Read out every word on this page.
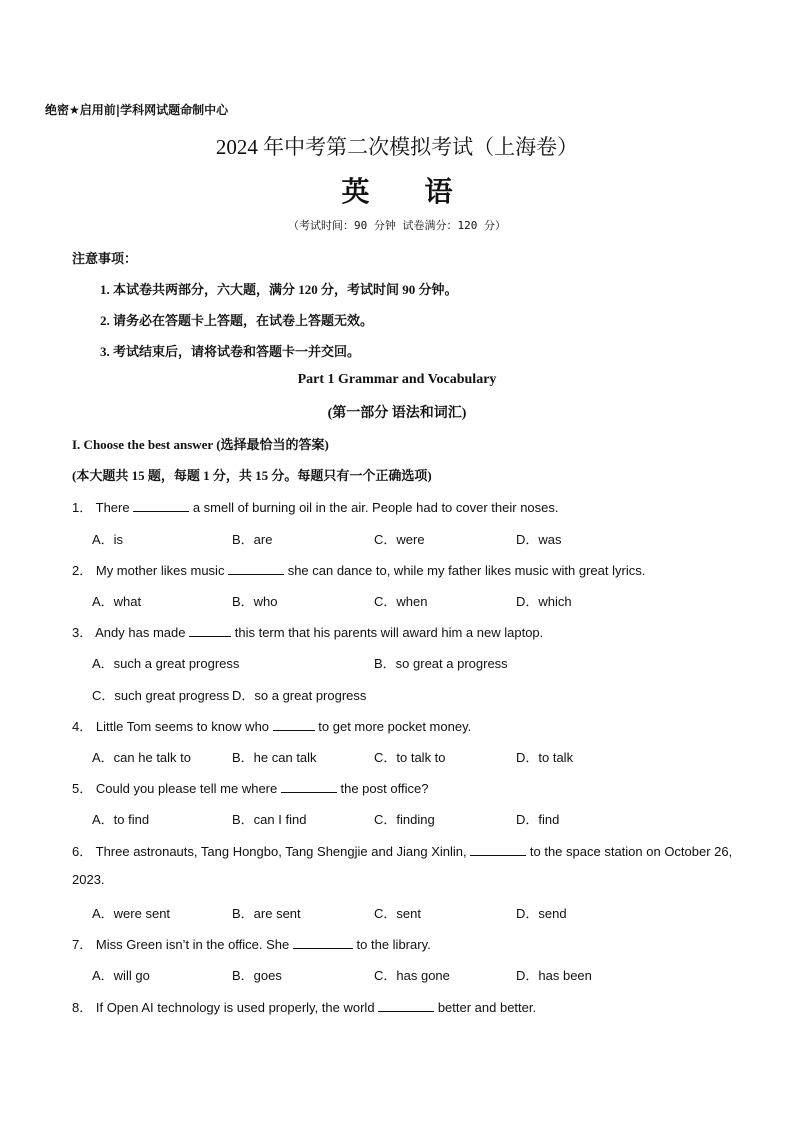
绝密★启用前|学科网试题命制中心
2024 年中考第二次模拟考试（上海卷）
英 语
（考试时间：90 分钟 试卷满分：120 分）
注意事项：
1. 本试卷共两部分，六大题，满分 120 分，考试时间 90 分钟。
2. 请务必在答题卡上答题，在试卷上答题无效。
3. 考试结束后，请将试卷和答题卡一并交回。
Part 1 Grammar and Vocabulary
(第一部分 语法和词汇)
I. Choose the best answer (选择最恰当的答案)
(本大题共 15 题，每题 1 分，共 15 分。每题只有一个正确选项)
1． There	a smell of burning oil in the air. People had to cover their noses.
A．is	B．are	C．were	D．was
2． My mother likes music	she can dance to, while my father likes music with great lyrics.
A．what	B．who	C．when	D．which
3． Andy has made	this term that his parents will award him a new laptop.
A．such a great progress	B．so great a progress
C．such great progress D．so a great progress
4． Little Tom seems to know who	to get more pocket money.
A．can he talk to	B．he can talk	C．to talk to	D．to talk
5． Could you please tell me where	the post office?
A．to find	B．can I find	C．finding	D．find
6． Three astronauts, Tang Hongbo, Tang Shengjie and Jiang Xinlin,	to the space station on October 26,
2023.
A．were sent	B．are sent	C．sent	D．send
7． Miss Green isn’t in the office. She	to the library.
A．will go	B．goes	C．has gone	D．has been
8． If Open AI technology is used properly, the world	better and better.
